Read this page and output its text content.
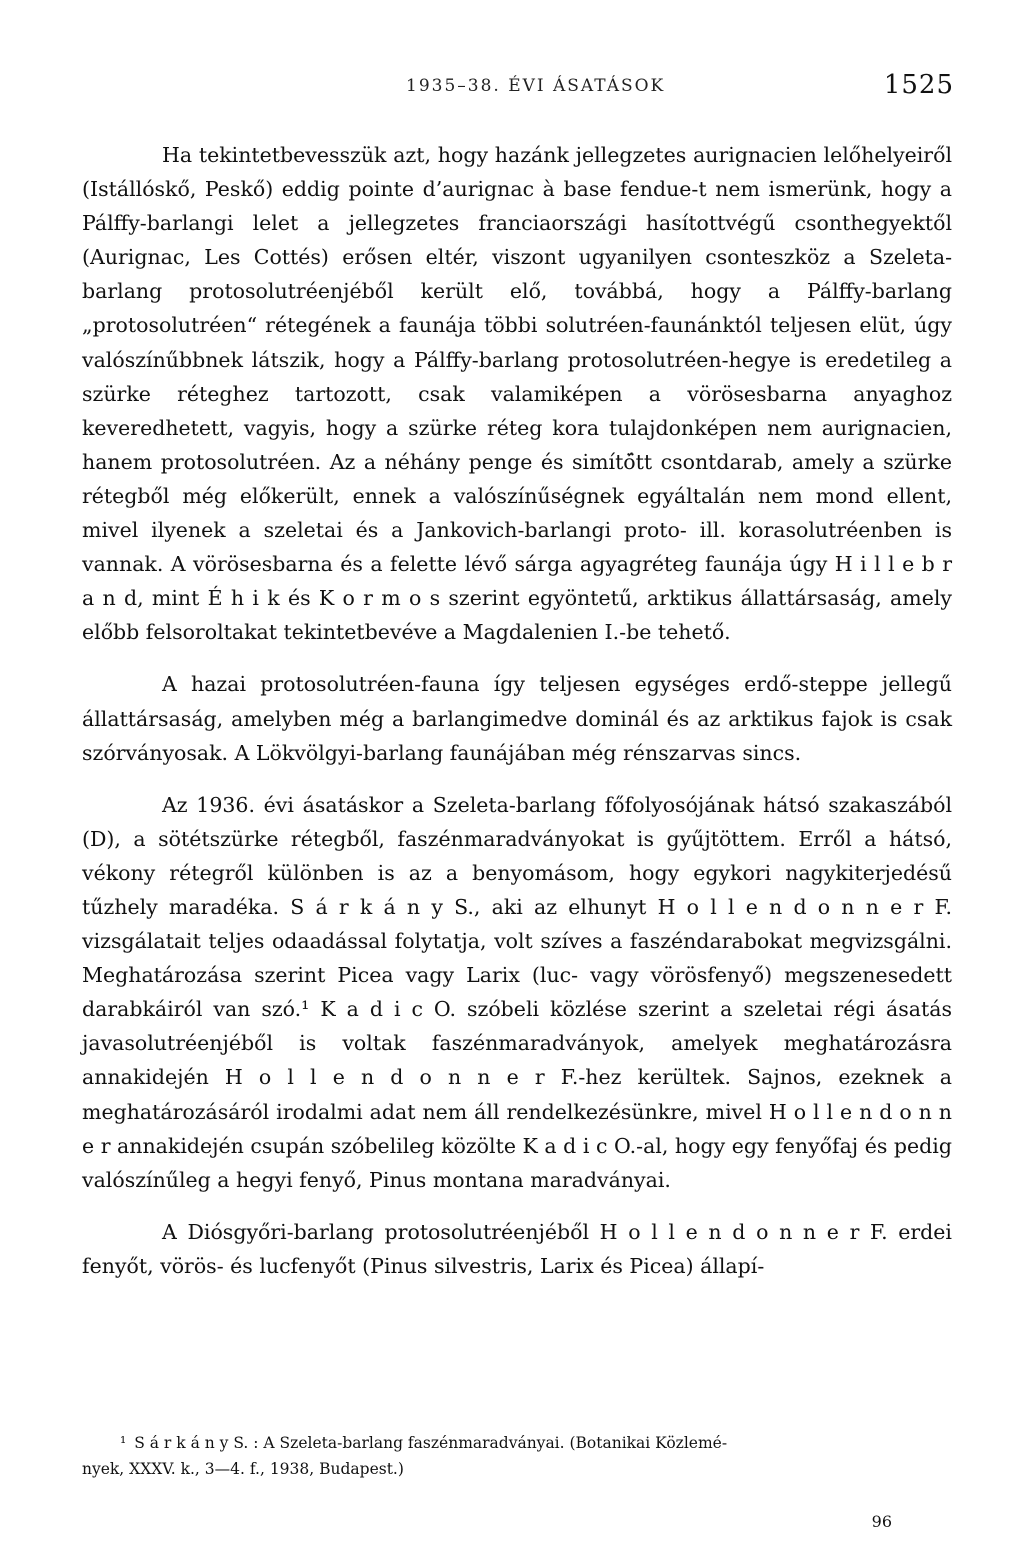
1935–38. ÉVI ÁSATÁSOK	1525

Ha tekintetbevesszük azt, hogy hazánk jellegzetes aurignacien lelőhelyeiről (Istállóskő, Peskő) eddig pointe d’aurignac à base fendue-t nem ismerünk, hogy a Pálffy-barlangi lelet a jellegzetes franciaországi hasítottvégű csonthegyektől (Aurignac, Les Cottés) erősen eltér, viszont ugyanilyen csonteszköz a Szeleta-barlang protosolutréenjéből került elő, továbbá, hogy a Pálffy-barlang „protosolutréen“ rétegének a faunája többi solutréen-faunánktól teljesen elüt, úgy valószínűbbnek látszik, hogy a Pálffy-barlang protosolutréen-hegye is eredetileg a szürke réteghez tartozott, csak valamiképen a vörösesbarna anyaghoz keveredhetett, vagyis, hogy a szürke réteg kora tulajdonképen nem aurignacien, hanem protosolutréen. Az a néhány penge és simító̈tt csontdarab, amely a szürke rétegből még előkerült, ennek a valószínűségnek egyáltalán nem mond ellent, mivel ilyenek a szeletai és a Jankovich-barlangi proto- ill. korasolutréenben is vannak. A vörösesbarna és a felette lévő sárga agyagréteg faunája úgy H i l l e b r a n d, mint É h i k és K o r m o s szerint egyöntetű, arktikus állattársaság, amely előbb felsoroltakat tekintetbevéve a Magdalenien I.-be tehető.

A hazai protosolutréen-fauna így teljesen egységes erdő-steppe jellegű állattársaság, amelyben még a barlangimedve dominál és az arktikus fajok is csak szórványosak. A Lökvölgyi-barlang faunájában még rénszarvas sincs.

Az 1936. évi ásatáskor a Szeleta-barlang főfolyosójának hátsó szakaszából (D), a sötétszürke rétegből, faszénmaradványokat is gyűjtöttem. Erről a hátsó, vékony rétegről különben is az a benyomásom, hogy egykori nagykiterjedésű tűzhely maradéka. S á r k á n y S., aki az elhunyt H o l l e n d o n n e r F. vizsgálatait teljes odaadással folytatja, volt szíves a faszéndarabokat megvizsgálni. Meghatározása szerint Picea vagy Larix (luc- vagy vörösfenyő) megszenesedett darabkáiról van szó.¹ K a d i c O. szóbeli közlése szerint a szeletai régi ásatás javasolutréenjéből is voltak faszénmaradványok, amelyek meghatározásra annakidején H o l l e n d o n n e r F.-hez kerültek. Sajnos, ezeknek a meghatározásáról irodalmi adat nem áll rendelkezésünkre, mivel H o l l e n d o n n e r annakidején csupán szóbelileg közölte K a d i c O.-al, hogy egy fenyőfaj és pedig valószínűleg a hegyi fenyő, Pinus montana maradványai.

A Diósgyőri-barlang protosolutréenjéből H o l l e n d o n n e r F. erdei fenyőt, vörös- és lucfenyőt (Pinus silvestris, Larix és Picea) állapí-

¹ S á r k á n y S. : A Szeleta-barlang faszénmaradványai. (Botanikai Közlemé-
nyek, XXXV. k., 3—4. f., 1938, Budapest.)
96
